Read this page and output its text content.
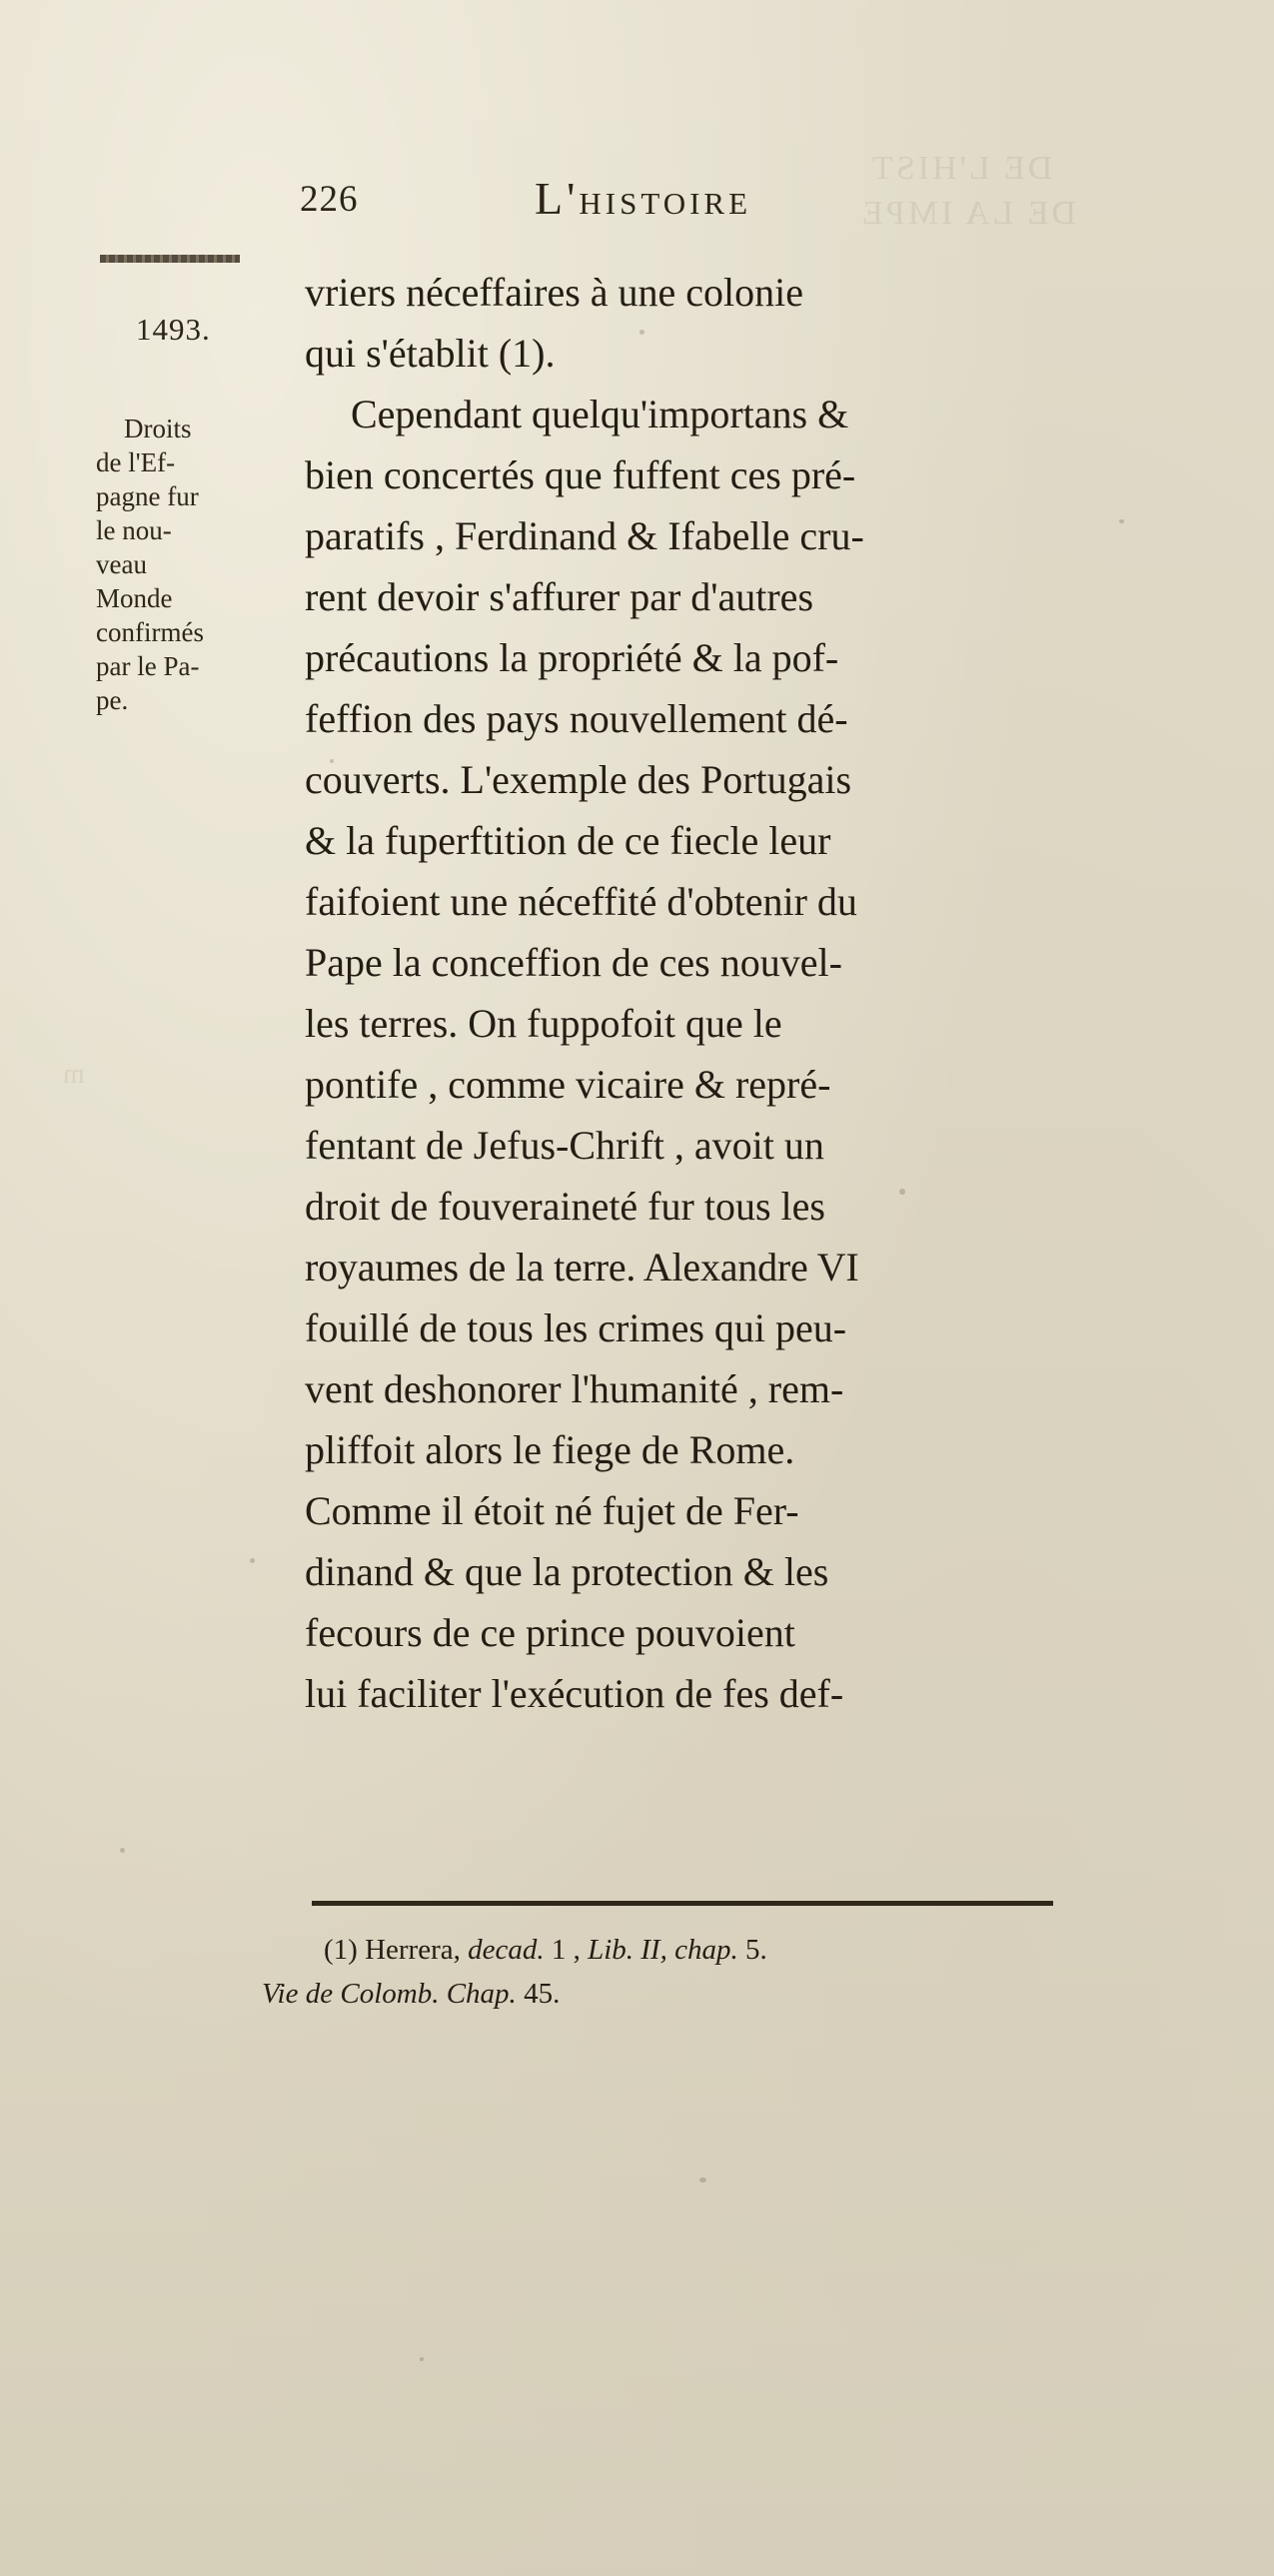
DE L'HIST
DE LA IMPE
m
226	L'HISTOIRE
1493.
Droits
de l'Ef-
pagne fur
le nou-
veau
Monde
confirmés
par le Pa-
pe.
vriers néceffaires à une colonie
qui s'établit (1).
Cependant quelqu'importans &
bien concertés que fuffent ces pré-
paratifs , Ferdinand & Ifabelle cru-
rent devoir s'affurer par d'autres
précautions la propriété & la pof-
feffion des pays nouvellement dé-
couverts. L'exemple des Portugais
& la fuperftition de ce fiecle leur
faifoient une néceffité d'obtenir du
Pape la conceffion de ces nouvel-
les terres. On fuppofoit que le
pontife , comme vicaire & repré-
fentant de Jefus-Chrift , avoit un
droit de fouveraineté fur tous les
royaumes de la terre. Alexandre VI
fouillé de tous les crimes qui peu-
vent deshonorer l'humanité , rem-
pliffoit alors le fiege de Rome.
Comme il étoit né fujet de Fer-
dinand & que la protection & les
fecours de ce prince pouvoient
lui faciliter l'exécution de fes def-
(1) Herrera, decad. 1 , Lib. II, chap. 5.
Vie de Colomb. Chap. 45.
